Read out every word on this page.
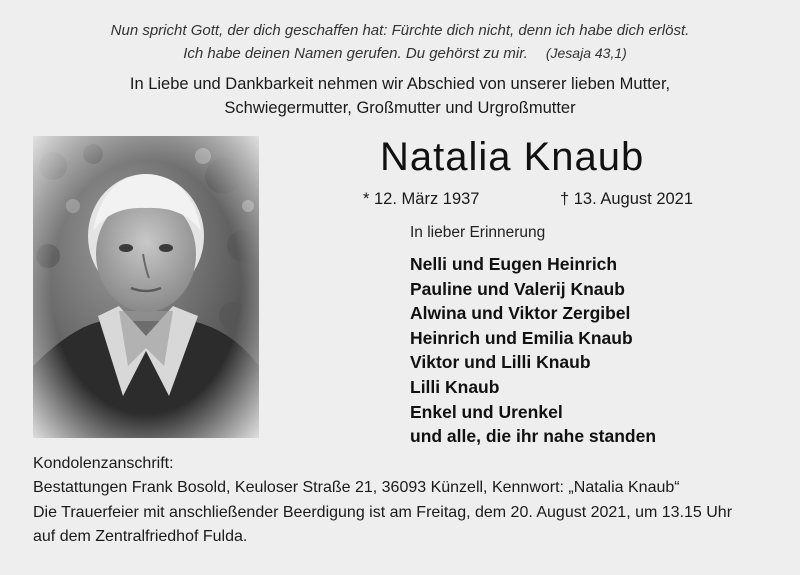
Nun spricht Gott, der dich geschaffen hat: Fürchte dich nicht, denn ich habe dich erlöst.
Ich habe deinen Namen gerufen. Du gehörst zu mir. (Jesaja 43,1)
In Liebe und Dankbarkeit nehmen wir Abschied von unserer lieben Mutter,
Schwiegermutter, Großmutter und Urgroßmutter
Natalia Knaub
* 12. März 1937	† 13. August 2021
In lieber Erinnerung
Nelli und Eugen Heinrich
Pauline und Valerij Knaub
Alwina und Viktor Zergibel
Heinrich und Emilia Knaub
Viktor und Lilli Knaub
Lilli Knaub
Enkel und Urenkel
und alle, die ihr nahe standen
Kondolenzanschrift:
Bestattungen Frank Bosold, Keuloser Straße 21, 36093 Künzell, Kennwort: „Natalia Knaub“
Die Trauerfeier mit anschließender Beerdigung ist am Freitag, dem 20. August 2021, um 13.15 Uhr
auf dem Zentralfriedhof Fulda.
